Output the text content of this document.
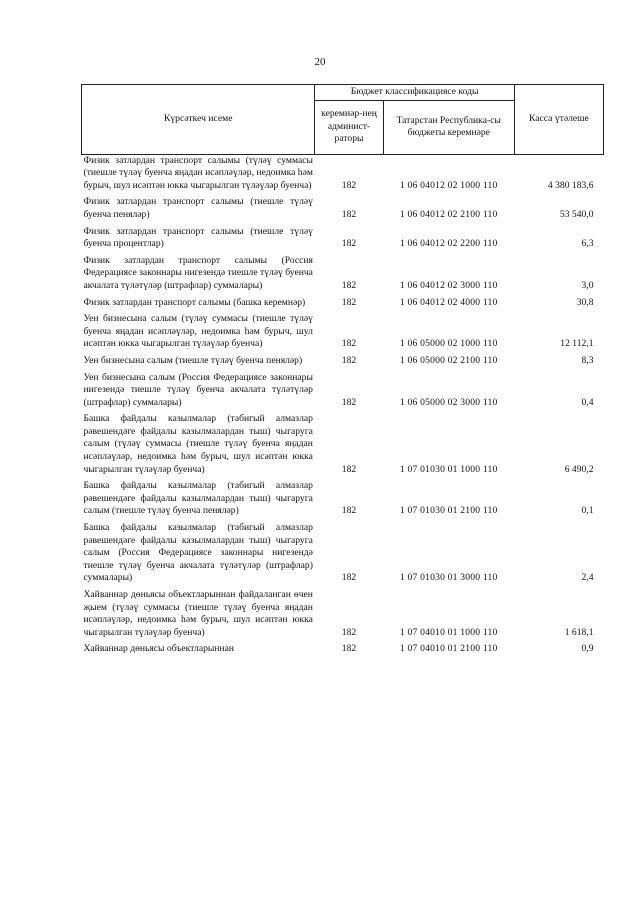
20
Күрсәткеч исеме	Бюджет классификациясе коды		Касса үтәлеше
	керемнәр-нең админист-раторы	Татарстан Республика-сы бюджеты керемнәре	
Физик затлардан транспорт салымы (түләү суммасы (тиешле түләү буенча яңадан исәпләүләр, недоимка һәм бурыч, шул исәптән юкка чыгарылган түләүләр буенча)	182	1 06 04012 02 1000 110	4 380 183,6
Физик затлардан транспорт салымы (тиешле түләү буенча пеняләр)	182	1 06 04012 02 2100 110	53 540,0
Физик затлардан транспорт салымы (тиешле түләү буенча процентлар)	182	1 06 04012 02 2200 110	6,3
Физик затлардан транспорт салымы (Россия Федерациясе законнары нигезендә тиешле түләү буенча акчалата түләтүләр (штрафлар) суммалары)	182	1 06 04012 02 3000 110	3,0
Физик затлардан транспорт салымы (башка керемнәр)	182	1 06 04012 02 4000 110	30,8
Уен бизнесына салым (түләү суммасы (тиешле түләү буенча яңадан исәпләүләр, недоимка һәм бурыч, шул исәптән юкка чыгарылган түләүләр буенча)	182	1 06 05000 02 1000 110	12 112,1
Уен бизнесына салым (тиешле түләү буенча пеняләр)	182	1 06 05000 02 2100 110	8,3
Уен бизнесына салым (Россия Федерациясе законнары нигезендә тиешле түләү буенча акчалата түләтүләр (штрафлар) суммалары)	182	1 06 05000 02 3000 110	0,4
Башка файдалы казылмалар (табигый алмазлар рәвешендәге файдалы казылмалардан тыш) чыгаруга салым (түләү суммасы (тиешле түләү буенча яңадан исәпләүләр, недоимка һәм бурыч, шул исәптән юкка чыгарылган түләүләр буенча)	182	1 07 01030 01 1000 110	6 490,2
Башка файдалы казылмалар (табигый алмазлар рәвешендәге файдалы казылмалардан тыш) чыгаруга салым (тиешле түләү буенча пеняләр)	182	1 07 01030 01 2100 110	0,1
Башка файдалы казылмалар (табигый алмазлар рәвешендәге файдалы казылмалардан тыш) чыгаруга салым (Россия Федерациясе законнары нигезендә тиешле түләү буенча акчалата түләтүләр (штрафлар) суммалары)	182	1 07 01030 01 3000 110	2,4
Хайваннар дөньясы объектларыннан файдаланган өчен җыем (түләү суммасы (тиешле түләү буенча яңадан исәпләүләр, недоимка һәм бурыч, шул исәптән юкка чыгарылган түләүләр буенча)	182	1 07 04010 01 1000 110	1 618,1
Хайваннар дөньясы объектларыннан	182	1 07 04010 01 2100 110	0,9
